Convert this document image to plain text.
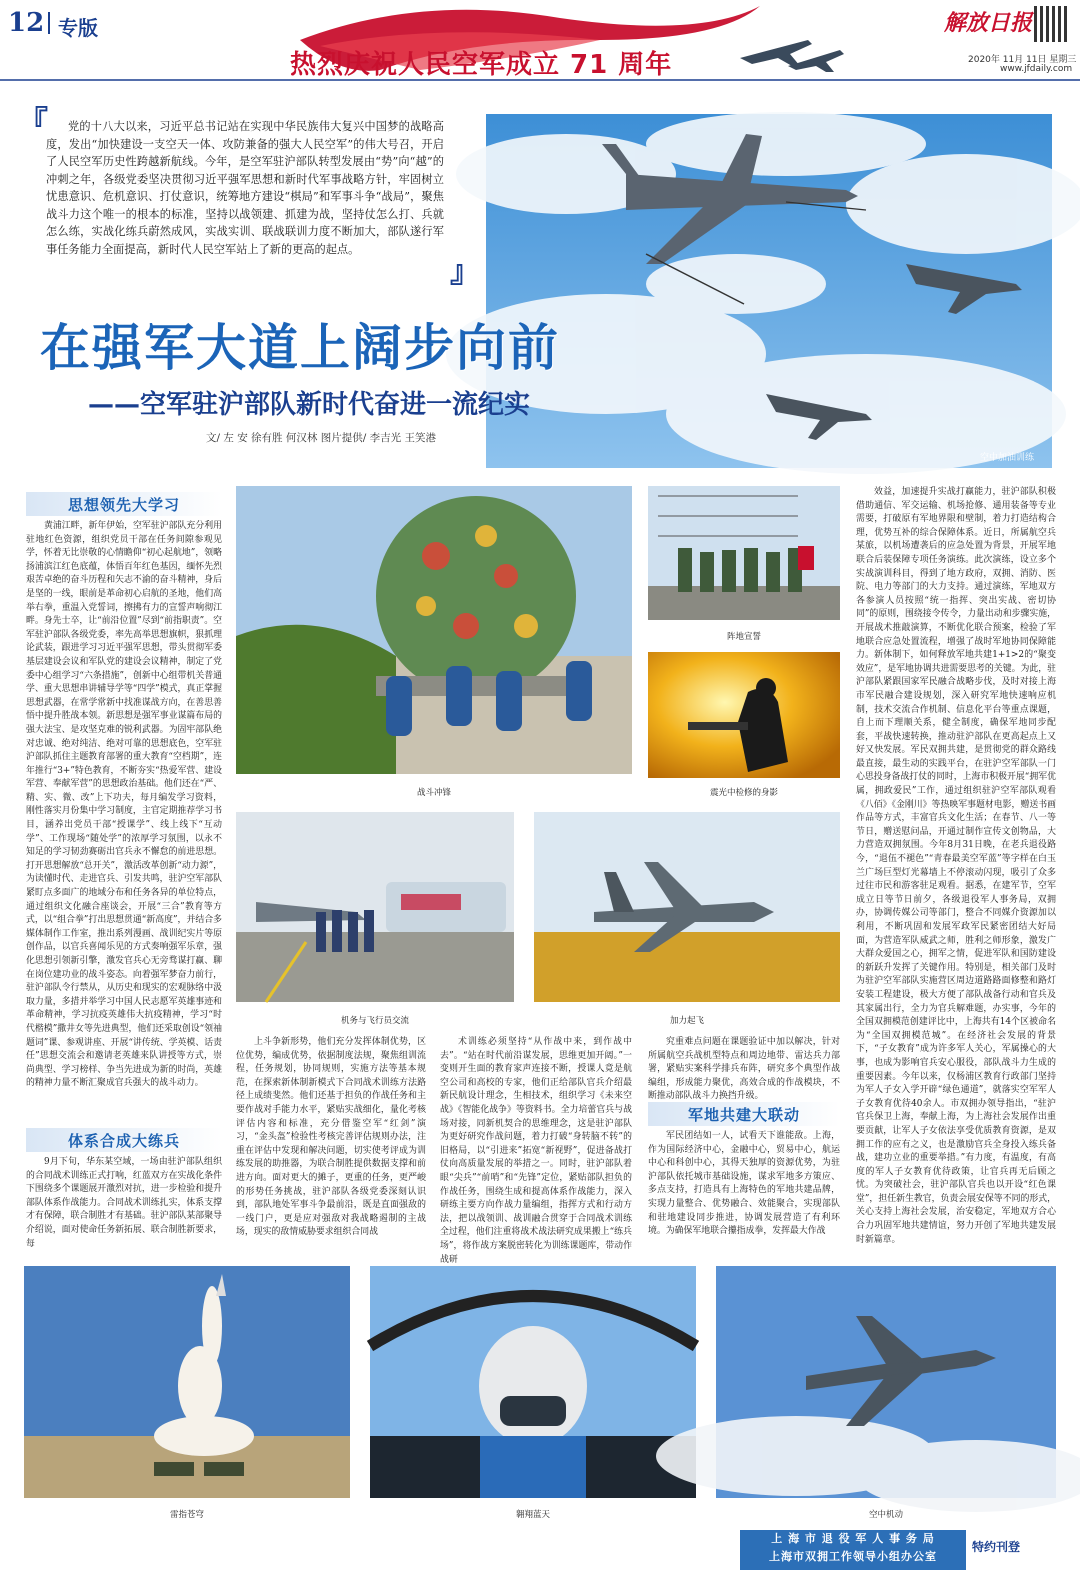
12 专版
热烈庆祝人民空军成立 71 周年
解放日报
2020年 11月 11日 星期三
www.jfdaily.com
『	党的十八大以来，习近平总书记站在实现中华民族伟大复兴中国梦的战略高度，发出“加快建设一支空天一体、攻防兼备的强大人民空军”的伟大号召，开启了人民空军历史性跨越新航线。今年，是空军驻沪部队转型发展由“势”向“越”的冲刺之年，各级党委坚决贯彻习近平强军思想和新时代军事战略方针，牢固树立忧患意识、危机意识、打仗意识，统筹地方建设“棋局”和军事斗争“战局”，聚焦战斗力这个唯一的根本的标准，坚持以战领建、抓建为战，坚持仗怎么打、兵就怎么练，实战化练兵蔚然成风，实战实训、联战联训力度不断加大，部队遂行军事任务能力全面提高，新时代人民空军站上了新的更高的起点。
』
空中加油训练
在强军大道上阔步向前
——空军驻沪部队新时代奋进一流纪实
文/ 左 安 徐有胜 何汉林 图片提供/ 李吉光 王笑港
思想领先大学习

黄浦江畔，新年伊始，空军驻沪部队充分利用驻地红色资源，组织党员干部在任务间隙参观见学，怀着无比崇敬的心情瞻仰“初心起航地”，领略扬浦滨江红色底蕴，体悟百年红色基因，缅怀先烈艰苦卓绝的奋斗历程和矢志不渝的奋斗精神，身后是坚的一线，眼前是革命初心启航的圣地，他们高举右拳，重温入党誓词，擦拂有力的宣誓声响彻江畔。身先士卒，让“前沿位置”尽到“前指职责”。空军驻沪部队各级党委，率先高举思想旗帜，狠抓理论武装，跟进学习习近平强军思想，带头贯彻军委基层建设会议和军队党的建设会议精神，制定了党委中心组学习“六条措施”，创新中心组带机关普通学、重大思想串讲辅导学等“四学”模式，真正掌握思想武器，在常学常新中找准谋战方向，在善思善悟中提升胜战本领。新思想是强军事业谋篇布局的强大法宝、是攻坚克难的锐利武器。为固牢部队绝对忠诚、绝对纯洁、绝对可靠的思想底色，空军驻沪部队抓住主题教育部署的重大教育“空档期”，连年推行“3+”特色教育，不断夯实“热爱军营、建设军营、奉献军营”的思想政治基础。他们还在“严、精、实、微、改”上下功夫，每月编发学习资料，刚性落实月份集中学习制度，主官定期推荐学习书目，涵养出党员干部“授课学”、线上线下“互动学”、工作现场“随处学”的浓厚学习氛围，以永不知足的学习韧劲赛砺出官兵永不懈怠的前进思想。打开思想解放“总开关”，激活改革创新“动力源”，为读懂时代、走进官兵、引发共鸣，驻沪空军部队紧盯点多面广的地域分布和任务各异的单位特点，通过组织文化融合座谈会，开展“三合”教育等方式，以“组合拳”打出思想贯通“新高度”，并结合多媒体制作工作室，推出系列漫画、战训纪实片等原创作品，以官兵喜闻乐见的方式奏响强军乐章，强化思想引领新引擎，激发官兵心无旁骛谋打赢、聊在岗位建功业的战斗姿态。向着强军梦奋力前行，驻沪部队令行禁从，从历史和现实的宏观脉络中汲取力量，多措并举学习中国人民志愿军英雄事迹和革命精神，学习抗疫英雄伟大抗疫精神，学习“时代楷模”撒井女等先进典型，他们还采取创设“领袖题词”课、参观讲座、开展“讲传统、学英模、话责任”思想交流会和邀请老英雄来队讲授等方式，崇尚典型、学习榜样、争当先进成为新的时尚，英雄的精神力量不断汇聚成官兵强大的战斗动力。

体系合成大练兵

9月下旬，华东某空域，一场由驻沪部队组织的合同战术训练正式打响，红蓝双方在实战化条件下围绕多个课题展开激烈对抗，进一步检验和提升部队体系作战能力。合同战术训练扎实，体系支撑才有保障，联合制胜才有基础。驻沪部队某部聚导介绍说，面对使命任务新拓展、联合制胜新要求，每

战斗冲锋
阵地宣誓
震光中检修的身影
机务与飞行员交流	加力起飞

上斗争新形势，他们充分发挥体制优势，区位优势，编成优势，依据制度法规，聚焦组训流程，任务规划，协同规则，实施方法等基本规范，在探索新体制新模式下合同战术训练方法路径上成绩斐然。他们还基于担负的作战任务和主要作战对手能力水平，紧贴实战细化，量化考核评估内容和标准，充分借鉴空军“红剑”演习，“金头盔”检验性考核完善评估规则办法，注重在评估中发现和解决问题，切实使考评成为训练发展的助推器，为联合制胜提供数据支撑和前进方向。面对更大的摊子，更重的任务，更严峻的形势任务挑战，驻沪部队各级党委深刻认识到，部队地处军事斗争最前沿，既是直面强敌的一线门户，更是应对强敌对我战略遏制的主战场，现实的敌情威胁要求组织合同战

术训练必须坚持“从作战中来，到作战中去”。“站在时代前沿谋发展，思维更加开阔。”一变则开生面的教育家声连接不断，授课人竟是航空公司和高校的专家，他们正给部队官兵介绍最新民航设计理念，生相技术，组织学习《未来空战》《智能化战争》等资料书。全力培蕾官兵与战场对接，同新机契合的思维理念，这是驻沪部队为更好研究作战问题，着力打破“身转脑不转”的旧格局，以“引进来”拓宽“新视野”，促进备战打仗向高质量发展的举措之一。同时，驻沪部队着眼“尖兵”“前哨”和“先锋”定位，紧贴部队担负的作战任务，围绕生成和提高体系作战能力，深入研练主要方向作战力量编组，指挥方式和行动方法，把以战领训、战训融合贯穿于合同战术训练全过程，他们注重将战术战法研究成果搬上“练兵场”，将作战方案脱密转化为训练课题库，带动作战研

究重难点问题在课题验证中加以解决，针对所属航空兵战机型特点和周边地带、雷达兵力部署，紧贴实案科学排兵布阵，研究多个典型作战编组，形成能力聚优，高效合成的作战模块，不断推动部队战斗力换挡升级。

军地共建大联动

军民团结如一人，试看天下谁能敌。上海，作为国际经济中心，金融中心，贸易中心，航运中心和科创中心，其得天独厚的资源优势，为驻沪部队依托城市基础设施，谋求军地多方策应、多点支持，打造具有上海特色的军地共建品牌，实现力量整合、优势融合、效能聚合，实现部队和驻地建设同步推进，协调发展营造了有利环境。为确保军地联合攥指成拳，发挥最大作战

效益，加速提升实战打赢能力，驻沪部队积极借助通信、军交运输、机场抢修、通用装备等专业需要，打破原有军地界限和壁制，着力打造结构合理，优势互补的综合保障体系。近日，所属航空兵某旅，以机场遭袭后的应急处置为背景，开展军地联合后装保障专项任务演练。此次演练，设立多个实战演训科目，得到了地方政府，双拥、消防、医院、电力等部门的大力支持。通过演练，军地双方各参演人员按照“统一指挥、突出实战、密切协同”的原则，围绕接令传令，力量出动和步骤实施，开展战术推敲演算，不断优化联合预案，检验了军地联合应急处置流程，增强了战时军地协同保障能力。新体制下，如何释放军地共建1+1>2的“聚变效应”，是军地协调共进需要思考的关键。为此，驻沪部队紧跟国家军民融合战略步伐，及时对接上海市军民融合建设规划，深入研究军地快速响应机制，技术交流合作机制、信息化平台等重点课题，自上而下理顺关系，健全制度，确保军地同步配套，平战快速转换，推动驻沪部队在更高起点上又好又快发展。军民双拥共建，是贯彻党的群众路线最直接，最生动的实践平台，在驻沪空军部队一门心思投身备战打仗的同时，上海市积极开展“拥军优属，拥政爱民”工作，通过组织驻沪空军部队观看《八佰》《金刚川》等热映军事题材电影，赠送书画作品等方式，丰富官兵文化生活；在春节、八一等节日，赠送慰问品，开通过制作宣传文创物品，大力营造双拥氛围。今年8月31日晚，在老兵退役路今，“退伍不褪色”“青春最美空军蓝”等字样在白玉兰广场巨型灯光幕墙上不停滚动闪现，吸引了众多过往市民和游客驻足观看。据悉，在建军节，空军成立日等节日前夕，各级退役军人事务局，双拥办，协调传媒公司等部门，整合不同媒介资源加以利用，不断巩固和发展军政军民紧密团结大好局面，为营造军队威武之师，胜利之师形象，激发广大群众爱国之心，拥军之情，促进军队和国防建设的新跃升发挥了关键作用。特别是，相关部门及时为驻沪空军部队实施营区周边道路路面修整和路灯安装工程建设，极大方便了部队战备行动和官兵及其家属出行，全力为官兵解难题，办实事，今年的全国双拥模范创建评比中，上海共有14个区被命名为“全国双拥模范城”。在经济社会发展的背景下，“子女教育”成为许多军人关心，军属操心的大事，也成为影响官兵安心服役，部队战斗力生成的重要因素。今年以来，仅杨浦区教育行政部门坚持为军人子女入学开辟“绿色通道”，就落实空军军人子女教育优待40余人。市双拥办领导指出，“驻沪官兵保卫上海，奉献上海，为上海社会发展作出重要贡献，让军人子女依法享受优质教育资源，是双拥工作的应有之义，也是激励官兵全身投入练兵备战，建功立业的重要举措。”有力度，有温度，有高度的军人子女教育优待政策，让官兵再无后顾之忧。为突破社会，驻沪部队官兵也以开设“红色课堂”，担任新生教官，负责会展安保等不同的形式，关心支持上海社会发展，治安稳定，军地双方合心合力巩固军地共建情谊，努力开创了军地共建发展时新篇章。

雷指苍穹	翱翔蓝天	空中机动
上 海 市 退 役 军 人 事 务 局
上海市双拥工作领导小组办公室
特约刊登
